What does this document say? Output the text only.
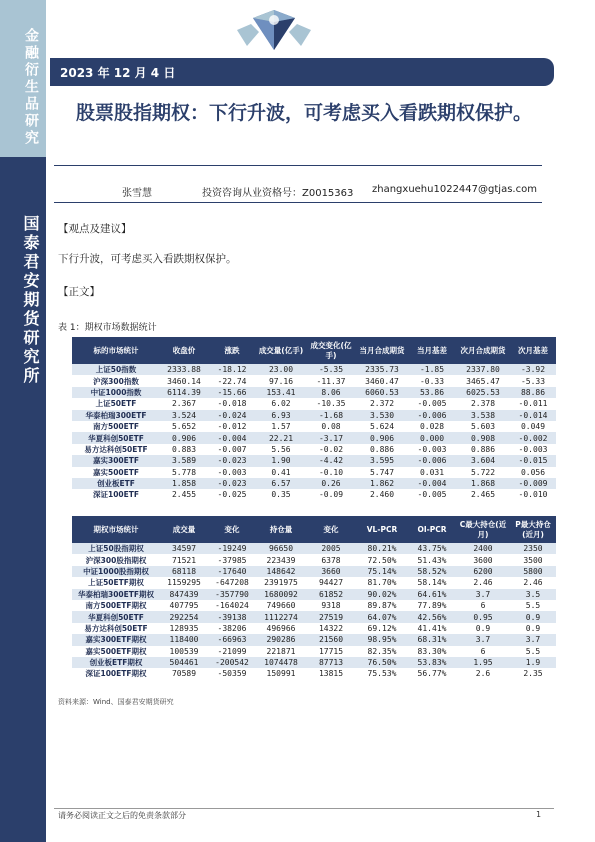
金融衍生品研究
国泰君安期货研究所
2023 年 12 月 4 日
股票股指期权：下行升波，可考虑买入看跌期权保护。
张雪慧	投资咨询从业资格号：Z0015363 zhangxuehu1022447@gtjas.com
【观点及建议】
下行升波，可考虑买入看跌期权保护。
【正文】
表 1：期权市场数据统计
标的市场统计	收盘价	涨跌	成交量(亿手)	成交变化(亿手)	当月合成期货	当月基差	次月合成期货	次月基差
上证50指数	2333.88	-18.12	23.00	-5.35	2335.73	-1.85	2337.80	-3.92
沪深300指数	3460.14	-22.74	97.16	-11.37	3460.47	-0.33	3465.47	-5.33
中证1000指数	6114.39	-15.66	153.41	8.06	6060.53	53.86	6025.53	88.86
上证50ETF	2.367	-0.018	6.02	-10.35	2.372	-0.005	2.378	-0.011
华泰柏瑞300ETF	3.524	-0.024	6.93	-1.68	3.530	-0.006	3.538	-0.014
南方500ETF	5.652	-0.012	1.57	0.08	5.624	0.028	5.603	0.049
华夏科创50ETF	0.906	-0.004	22.21	-3.17	0.906	0.000	0.908	-0.002
易方达科创50ETF	0.883	-0.007	5.56	-0.02	0.886	-0.003	0.886	-0.003
嘉实300ETF	3.589	-0.023	1.90	-4.42	3.595	-0.006	3.604	-0.015
嘉实500ETF	5.778	-0.003	0.41	-0.10	5.747	0.031	5.722	0.056
创业板ETF	1.858	-0.023	6.57	0.26	1.862	-0.004	1.868	-0.009
深证100ETF	2.455	-0.025	0.35	-0.09	2.460	-0.005	2.465	-0.010
期权市场统计	成交量	变化	持仓量	变化	VL-PCR	OI-PCR	C最大持仓(近月)	P最大持仓(近月)
上证50股指期权	34597	-19249	96650	2005	80.21%	43.75%	2400	2350
沪深300股指期权	71521	-37985	223439	6378	72.50%	51.43%	3600	3500
中证1000股指期权	68118	-17640	148642	3660	75.14%	58.52%	6200	5800
上证50ETF期权	1159295	-647208	2391975	94427	81.70%	58.14%	2.46	2.46
华泰柏瑞300ETF期权	847439	-357790	1680092	61852	90.02%	64.61%	3.7	3.5
南方500ETF期权	407795	-164024	749660	9318	89.87%	77.89%	6	5.5
华夏科创50ETF	292254	-39138	1112274	27519	64.07%	42.56%	0.95	0.9
易方达科创50ETF	128935	-38206	496966	14322	69.12%	41.41%	0.9	0.9
嘉实300ETF期权	118400	-66963	290286	21560	98.95%	68.31%	3.7	3.7
嘉实500ETF期权	100539	-21099	221871	17715	82.35%	83.30%	6	5.5
创业板ETF期权	504461	-200542	1074478	87713	76.50%	53.83%	1.95	1.9
深证100ETF期权	70589	-50359	150991	13815	75.53%	56.77%	2.6	2.35
资料来源：Wind、国泰君安期货研究
请务必阅读正文之后的免责条款部分	1
